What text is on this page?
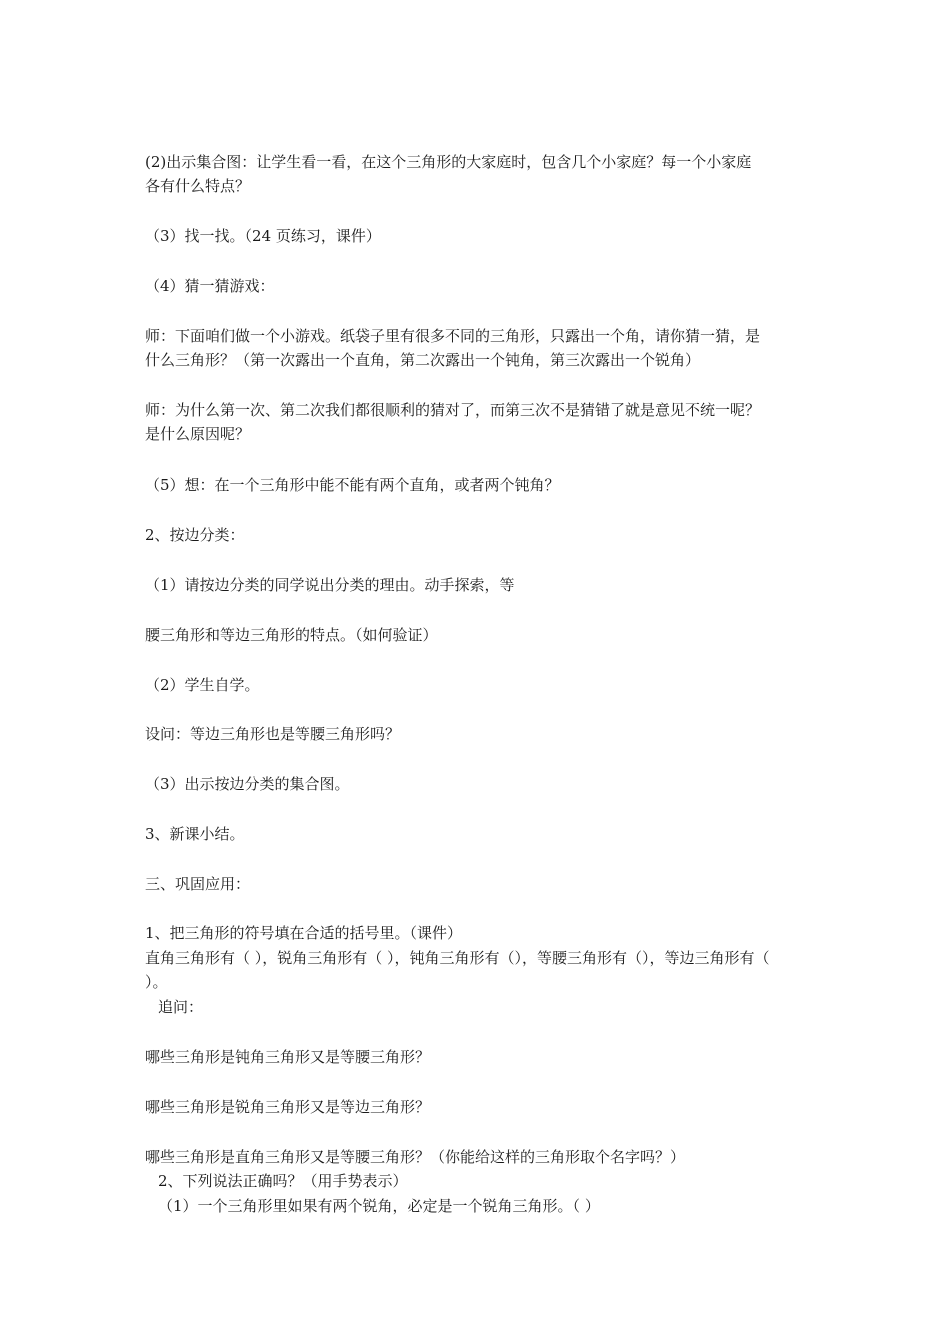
(2)出示集合图：让学生看一看，在这个三角形的大家庭时，包含几个小家庭？每一个小家庭
各有什么特点？
（3）找一找。（24 页练习，课件）
（4）猜一猜游戏：
师：下面咱们做一个小游戏。纸袋子里有很多不同的三角形，只露出一个角，请你猜一猜，是
什么三角形？（第一次露出一个直角，第二次露出一个钝角，第三次露出一个锐角）
师：为什么第一次、第二次我们都很顺利的猜对了，而第三次不是猜错了就是意见不统一呢？
是什么原因呢？
（5）想：在一个三角形中能不能有两个直角，或者两个钝角？
2、按边分类：
（1）请按边分类的同学说出分类的理由。动手探索，等
腰三角形和等边三角形的特点。（如何验证）
（2）学生自学。
设问：等边三角形也是等腰三角形吗？
（3）出示按边分类的集合图。
3、新课小结。
三、巩固应用：
1、把三角形的符号填在合适的括号里。（课件）
直角三角形有（ ），锐角三角形有（ ），钝角三角形有（），等腰三角形有（），等边三角形有（
）。
追问：
哪些三角形是钝角三角形又是等腰三角形？
哪些三角形是锐角三角形又是等边三角形？
哪些三角形是直角三角形又是等腰三角形？（你能给这样的三角形取个名字吗？）
2、下列说法正确吗？（用手势表示）
（1）一个三角形里如果有两个锐角，必定是一个锐角三角形。（ ）
